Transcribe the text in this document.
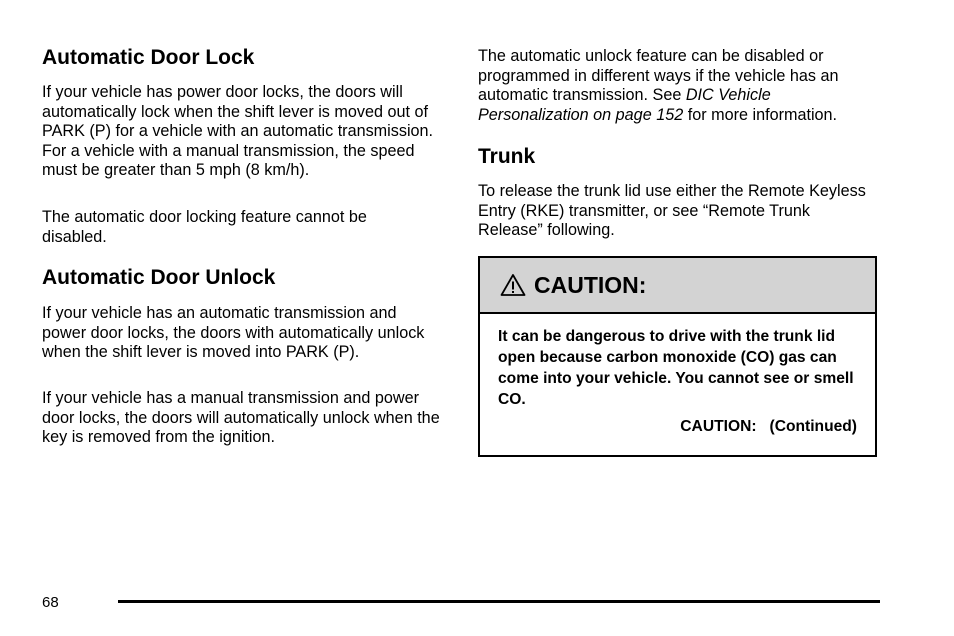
Automatic Door Lock

If your vehicle has power door locks, the doors will automatically lock when the shift lever is moved out of PARK (P) for a vehicle with an automatic transmission. For a vehicle with a manual transmission, the speed must be greater than 5 mph (8 km/h).

The automatic door locking feature cannot be disabled.

Automatic Door Unlock

If your vehicle has an automatic transmission and power door locks, the doors with automatically unlock when the shift lever is moved into PARK (P).

If your vehicle has a manual transmission and power door locks, the doors will automatically unlock when the key is removed from the ignition.

The automatic unlock feature can be disabled or programmed in different ways if the vehicle has an automatic transmission. See DIC Vehicle Personalization on page 152 for more information.

Trunk

To release the trunk lid use either the Remote Keyless Entry (RKE) transmitter, or see “Remote Trunk Release” following.

CAUTION:
It can be dangerous to drive with the trunk lid open because carbon monoxide (CO) gas can come into your vehicle. You cannot see or smell CO.
CAUTION:   (Continued)
68
